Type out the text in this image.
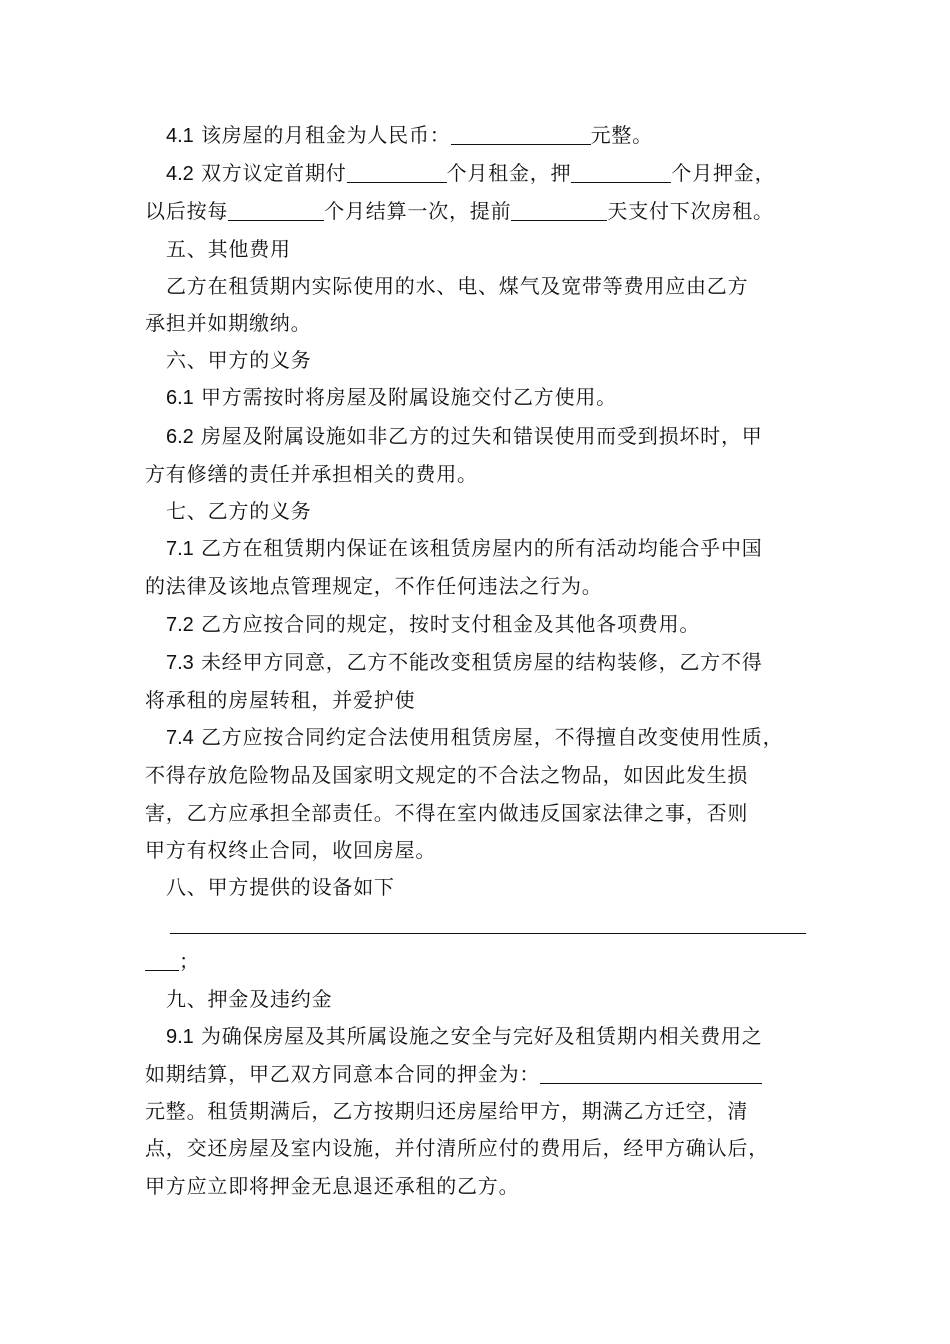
4.1 该房屋的月租金为人民币：	元整。

4.2 双方议定首期付	个月租金，押	个月押金，

以后按每	个月结算一次，提前	天支付下次房租。

五、其他费用

乙方在租赁期内实际使用的水、电、煤气及宽带等费用应由乙方

承担并如期缴纳。

六、甲方的义务

6.1 甲方需按时将房屋及附属设施交付乙方使用。

6.2 房屋及附属设施如非乙方的过失和错误使用而受到损坏时，甲

方有修缮的责任并承担相关的费用。

七、乙方的义务

7.1 乙方在租赁期内保证在该租赁房屋内的所有活动均能合乎中国

的法律及该地点管理规定，不作任何违法之行为。

7.2 乙方应按合同的规定，按时支付租金及其他各项费用。

7.3 未经甲方同意，乙方不能改变租赁房屋的结构装修，乙方不得

将承租的房屋转租，并爱护使

7.4 乙方应按合同约定合法使用租赁房屋，不得擅自改变使用性质，

不得存放危险物品及国家明文规定的不合法之物品，如因此发生损

害，乙方应承担全部责任。不得在室内做违反国家法律之事，否则

甲方有权终止合同，收回房屋。

八、甲方提供的设备如下

；

九、押金及违约金

9.1 为确保房屋及其所属设施之安全与完好及租赁期内相关费用之

如期结算，甲乙双方同意本合同的押金为：

元整。租赁期满后，乙方按期归还房屋给甲方，期满乙方迁空，清

点，交还房屋及室内设施，并付清所应付的费用后，经甲方确认后，

甲方应立即将押金无息退还承租的乙方。
